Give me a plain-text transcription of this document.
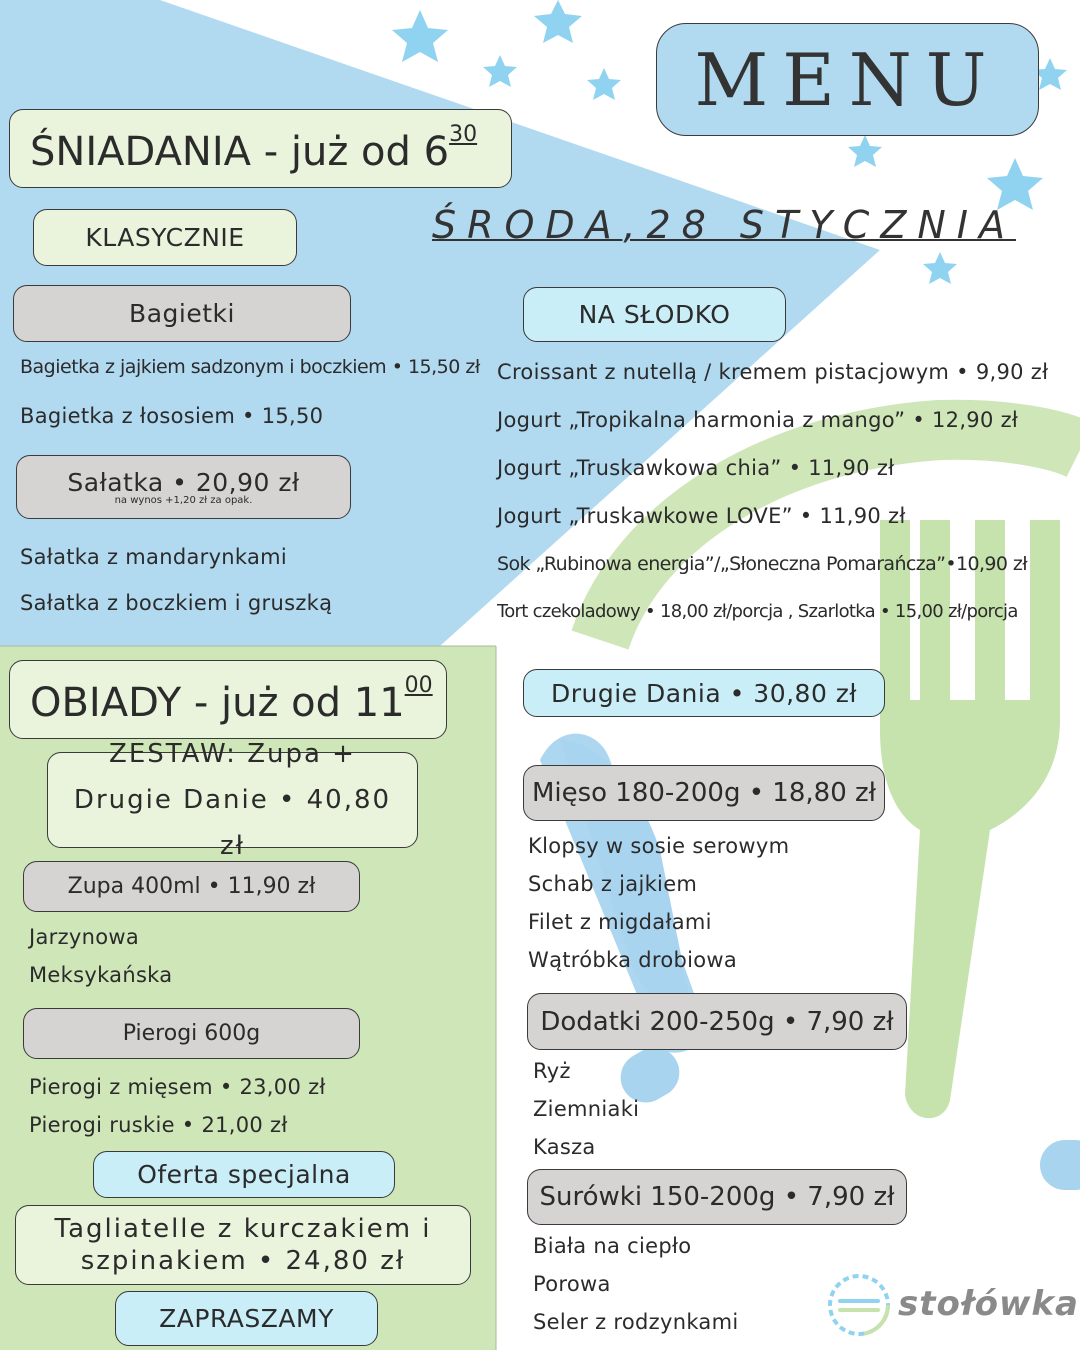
MENU
ŚRODA,28 STYCZNIA
ŚNIADANIA - już od $6^{30}$
KLASYCZNIE
Bagietki
Bagietka z jajkiem sadzonym i boczkiem • 15,50 zł
Bagietka z łososiem • 15,50
Sałatka • 20,90 zł
na wynos +1,20 zł za opak.
Sałatka z mandarynkami
Sałatka z boczkiem i gruszką
NA SŁODKO
Croissant z nutellą / kremem pistacjowym • 9,90 zł
Jogurt „Tropikalna harmonia z mango” • 12,90 zł
Jogurt „Truskawkowa chia” • 11,90 zł
Jogurt „Truskawkowe LOVE” • 11,90 zł
Sok „Rubinowa energia”/„Słoneczna Pomarańcza”•10,90 zł
Tort czekoladowy • 18,00 zł/porcja , Szarlotka • 15,00 zł/porcja
OBIADY - już od $11^{00}$
ZESTAW: Zupa + Drugie Danie • 40,80 zł
Zupa 400ml • 11,90 zł
Jarzynowa
Meksykańska
Pierogi 600g
Pierogi z mięsem • 23,00 zł
Pierogi ruskie • 21,00 zł
Oferta specjalna
Tagliatelle z kurczakiem i szpinakiem • 24,80 zł
ZAPRASZAMY
Drugie Dania • 30,80 zł
Mięso 180-200g • 18,80 zł
Klopsy w sosie serowym
Schab z jajkiem
Filet z migdałami
Wątróbka drobiowa
Dodatki 200-250g • 7,90 zł
Ryż
Ziemniaki
Kasza
Surówki 150-200g • 7,90 zł
Biała na ciepło
Porowa
Seler z rodzynkami	stołówka
